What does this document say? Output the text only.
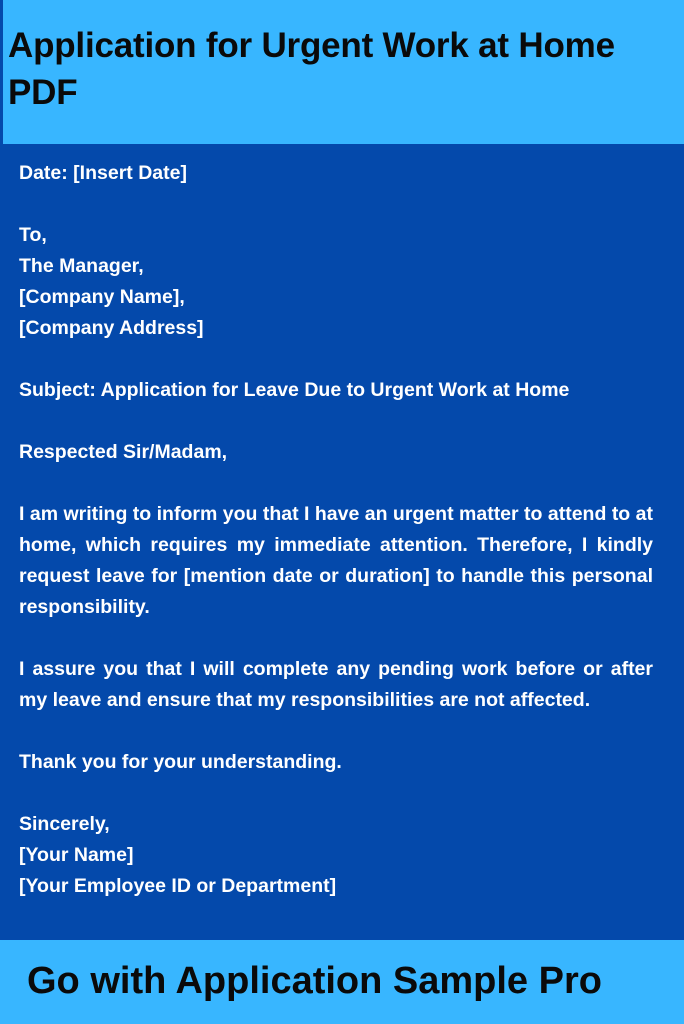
Application for Urgent Work at Home PDF

Date: [Insert Date]

To,

The Manager,

[Company Name],

[Company Address]

Subject: Application for Leave Due to Urgent Work at Home

Respected Sir/Madam,

I am writing to inform you that I have an urgent matter to attend to at home, which requires my immediate attention. Therefore, I kindly request leave for [mention date or duration] to handle this personal responsibility.

I assure you that I will complete any pending work before or after my leave and ensure that my responsibilities are not affected.

Thank you for your understanding.

Sincerely,

[Your Name]

[Your Employee ID or Department]

Go with Application Sample Pro
